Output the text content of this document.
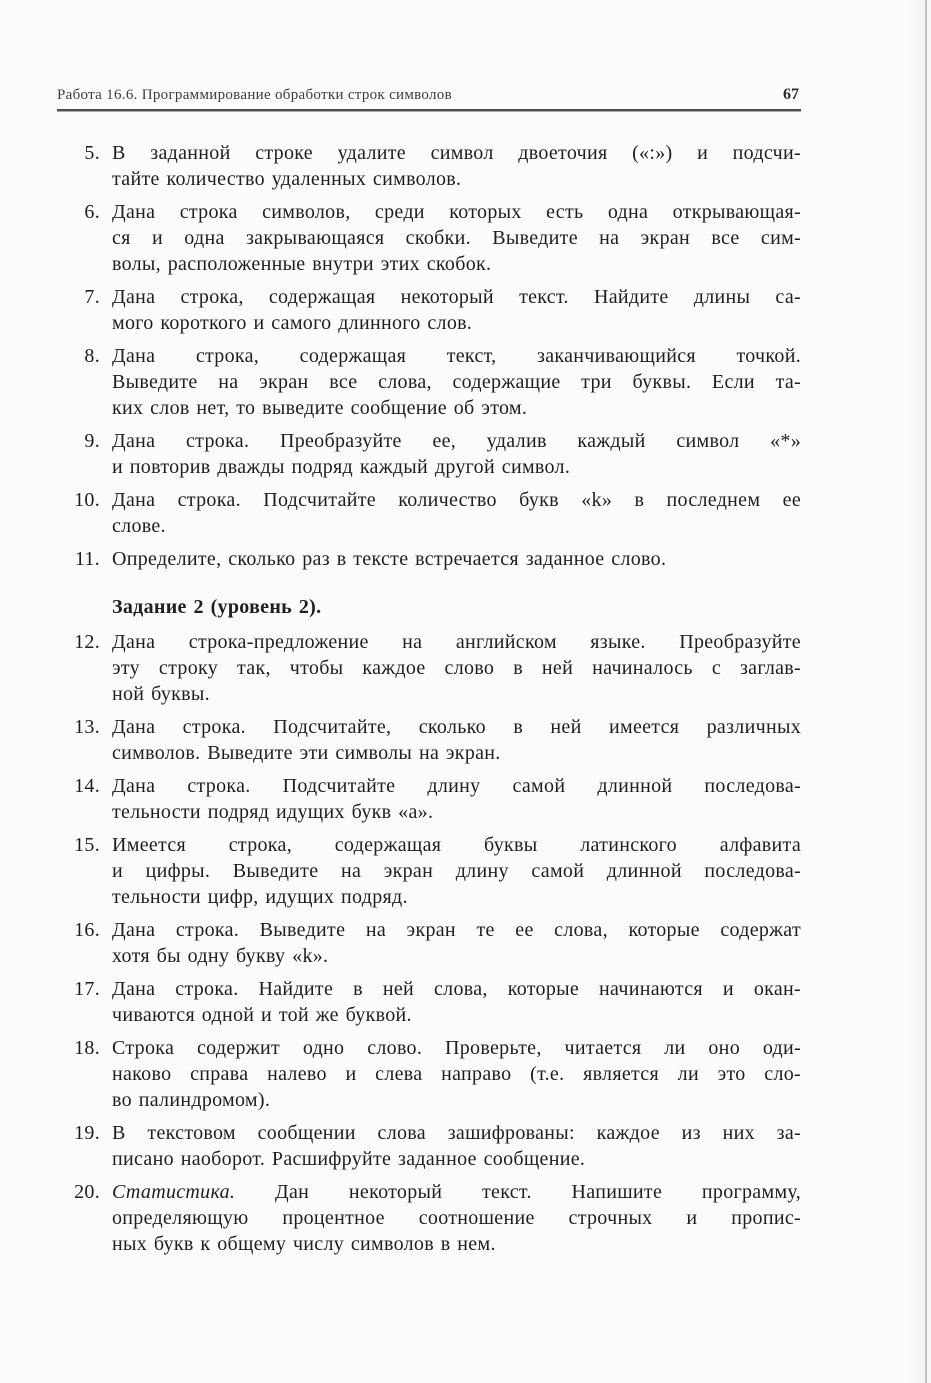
Работа 16.6. Программирование обработки строк символов	67
5. В заданной строке удалите символ двоеточия («:») и подсчи-
тайте количество удаленных символов.
6. Дана строка символов, среди которых есть одна открывающая-
ся и одна закрывающаяся скобки. Выведите на экран все сим-
волы, расположенные внутри этих скобок.
7. Дана строка, содержащая некоторый текст. Найдите длины са-
мого короткого и самого длинного слов.
8. Дана строка, содержащая текст, заканчивающийся точкой.
Выведите на экран все слова, содержащие три буквы. Если та-
ких слов нет, то выведите сообщение об этом.
9. Дана строка. Преобразуйте ее, удалив каждый символ «*»
и повторив дважды подряд каждый другой символ.
10. Дана строка. Подсчитайте количество букв «k» в последнем ее
слове.
11. Определите, сколько раз в тексте встречается заданное слово.
Задание 2 (уровень 2).
12. Дана строка-предложение на английском языке. Преобразуйте
эту строку так, чтобы каждое слово в ней начиналось с заглав-
ной буквы.
13. Дана строка. Подсчитайте, сколько в ней имеется различных
символов. Выведите эти символы на экран.
14. Дана строка. Подсчитайте длину самой длинной последова-
тельности подряд идущих букв «а».
15. Имеется строка, содержащая буквы латинского алфавита
и цифры. Выведите на экран длину самой длинной последова-
тельности цифр, идущих подряд.
16. Дана строка. Выведите на экран те ее слова, которые содержат
хотя бы одну букву «k».
17. Дана строка. Найдите в ней слова, которые начинаются и окан-
чиваются одной и той же буквой.
18. Строка содержит одно слово. Проверьте, читается ли оно оди-
наково справа налево и слева направо (т.е. является ли это сло-
во палиндромом).
19. В текстовом сообщении слова зашифрованы: каждое из них за-
писано наоборот. Расшифруйте заданное сообщение.
20. Статистика. Дан некоторый текст. Напишите программу,
определяющую процентное соотношение строчных и пропис-
ных букв к общему числу символов в нем.
